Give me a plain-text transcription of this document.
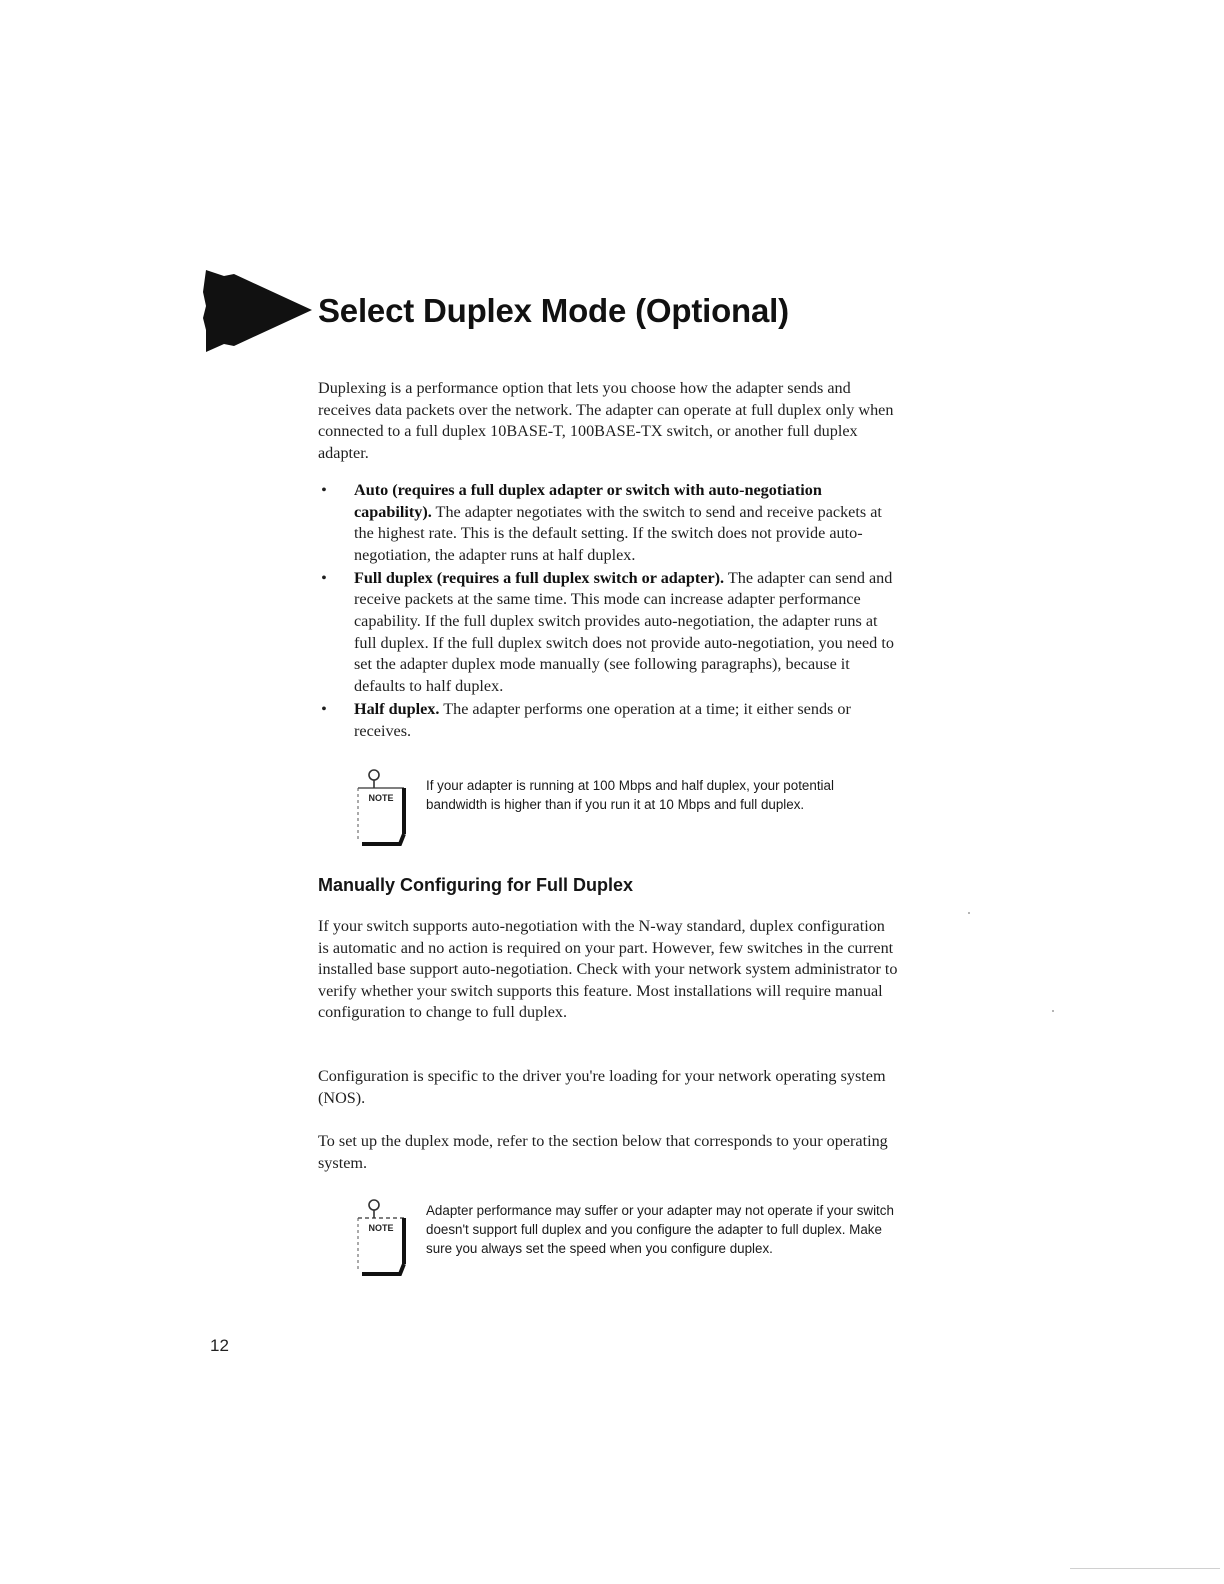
Select Duplex Mode (Optional)

Duplexing is a performance option that lets you choose how the adapter sends and receives data packets over the network. The adapter can operate at full duplex only when connected to a full duplex 10BASE-T, 100BASE-TX switch, or another full duplex adapter.

• Auto (requires a full duplex adapter or switch with auto-negotiation capability). The adapter negotiates with the switch to send and receive packets at the highest rate. This is the default setting. If the switch does not provide auto-negotiation, the adapter runs at half duplex.
• Full duplex (requires a full duplex switch or adapter). The adapter can send and receive packets at the same time. This mode can increase adapter performance capability. If the full duplex switch provides auto-negotiation, the adapter runs at full duplex. If the full duplex switch does not provide auto-negotiation, you need to set the adapter duplex mode manually (see following paragraphs), because it defaults to half duplex.
• Half duplex. The adapter performs one operation at a time; it either sends or receives.
NOTE

If your adapter is running at 100 Mbps and half duplex, your potential bandwidth is higher than if you run it at 10 Mbps and full duplex.

Manually Configuring for Full Duplex

If your switch supports auto-negotiation with the N-way standard, duplex configuration is automatic and no action is required on your part. However, few switches in the current installed base support auto-negotiation. Check with your network system administrator to verify whether your switch supports this feature. Most installations will require manual configuration to change to full duplex.

Configuration is specific to the driver you're loading for your network operating system (NOS).

To set up the duplex mode, refer to the section below that corresponds to your operating system.

NOTE

Adapter performance may suffer or your adapter may not operate if your switch doesn't support full duplex and you configure the adapter to full duplex. Make sure you always set the speed when you configure duplex.

12
